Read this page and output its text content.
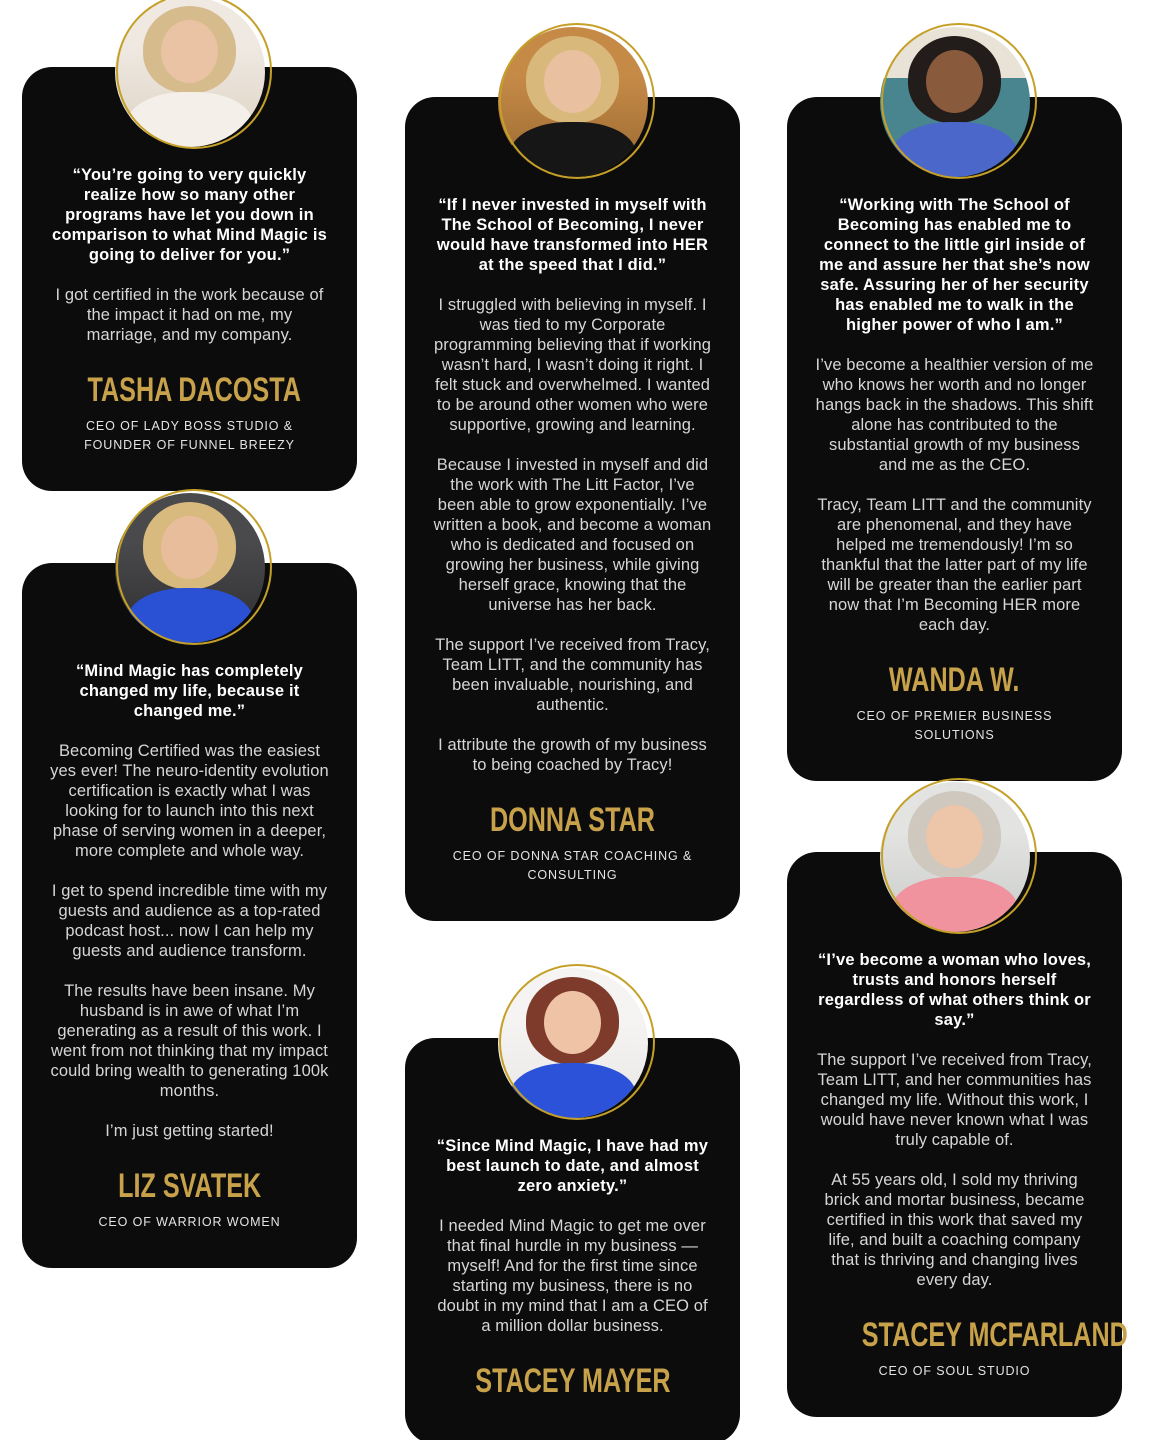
“You’re going to very quickly realize how so many other programs have let you down in comparison to what Mind Magic is going to deliver for you.”

I got certified in the work because of the impact it had on me, my marriage, and my company.

TASHA DACOSTA

CEO OF LADY BOSS STUDIO & FOUNDER OF FUNNEL BREEZY

“Mind Magic has completely changed my life, because it changed me.”

Becoming Certified was the easiest yes ever! The neuro-identity evolution certification is exactly what I was looking for to launch into this next phase of serving women in a deeper, more complete and whole way.

I get to spend incredible time with my guests and audience as a top-rated podcast host... now I can help my guests and audience transform.

The results have been insane. My husband is in awe of what I’m generating as a result of this work. I went from not thinking that my impact could bring wealth to generating 100k months.

I’m just getting started!

LIZ SVATEK

CEO OF WARRIOR WOMEN

“If I never invested in myself with The School of Becoming, I never would have transformed into HER at the speed that I did.”

I struggled with believing in myself. I was tied to my Corporate programming believing that if working wasn’t hard, I wasn’t doing it right. I felt stuck and overwhelmed. I wanted to be around other women who were supportive, growing and learning.

Because I invested in myself and did the work with The Litt Factor, I’ve been able to grow exponentially. I’ve written a book, and become a woman who is dedicated and focused on growing her business, while giving herself grace, knowing that the universe has her back.

The support I’ve received from Tracy, Team LITT, and the community has been invaluable, nourishing, and authentic.

I attribute the growth of my business to being coached by Tracy!

DONNA STAR

CEO OF DONNA STAR COACHING & CONSULTING

“Since Mind Magic, I have had my best launch to date, and almost zero anxiety.”

I needed Mind Magic to get me over that final hurdle in my business — myself! And for the first time since starting my business, there is no doubt in my mind that I am a CEO of a million dollar business.

STACEY MAYER

“Working with The School of Becoming has enabled me to connect to the little girl inside of me and assure her that she’s now safe. Assuring her of her security has enabled me to walk in the higher power of who I am.”

I’ve become a healthier version of me who knows her worth and no longer hangs back in the shadows. This shift alone has contributed to the substantial growth of my business and me as the CEO.

Tracy, Team LITT and the community are phenomenal, and they have helped me tremendously! I’m so thankful that the latter part of my life will be greater than the earlier part now that I’m Becoming HER more each day.

WANDA W.

CEO OF PREMIER BUSINESS SOLUTIONS

“I’ve become a woman who loves, trusts and honors herself regardless of what others think or say.”

The support I’ve received from Tracy, Team LITT, and her communities has changed my life. Without this work, I would have never known what I was truly capable of.

At 55 years old, I sold my thriving brick and mortar business, became certified in this work that saved my life, and built a coaching company that is thriving and changing lives every day.

STACEY MCFARLAND

CEO OF SOUL STUDIO
